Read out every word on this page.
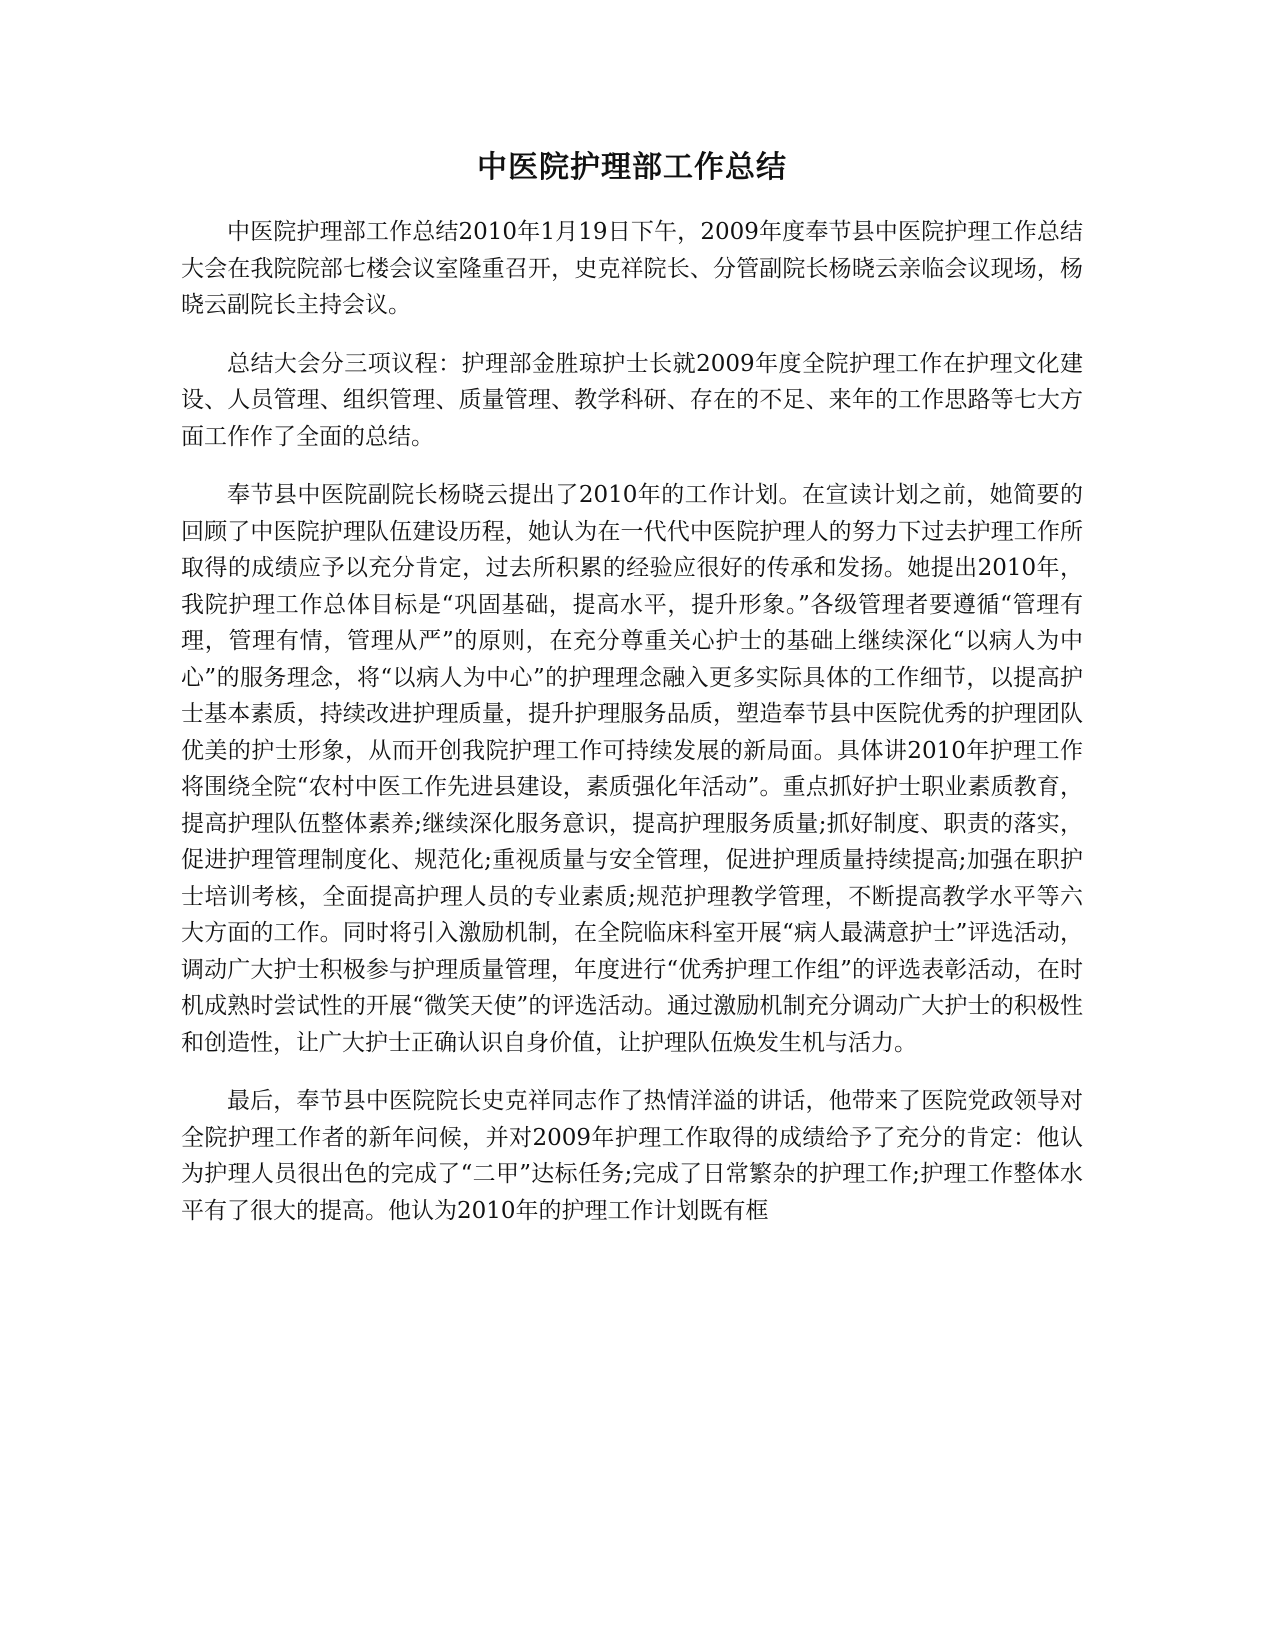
中医院护理部工作总结

中医院护理部工作总结2010年1月19日下午，2009年度奉节县中医院护理工作总结大会在我院院部七楼会议室隆重召开，史克祥院长、分管副院长杨晓云亲临会议现场，杨晓云副院长主持会议。

总结大会分三项议程：护理部金胜琼护士长就2009年度全院护理工作在护理文化建设、人员管理、组织管理、质量管理、教学科研、存在的不足、来年的工作思路等七大方面工作作了全面的总结。

奉节县中医院副院长杨晓云提出了2010年的工作计划。在宣读计划之前，她简要的回顾了中医院护理队伍建设历程，她认为在一代代中医院护理人的努力下过去护理工作所取得的成绩应予以充分肯定，过去所积累的经验应很好的传承和发扬。她提出2010年，我院护理工作总体目标是“巩固基础，提高水平，提升形象。”各级管理者要遵循“管理有理，管理有情，管理从严”的原则，在充分尊重关心护士的基础上继续深化“以病人为中心”的服务理念，将“以病人为中心”的护理理念融入更多实际具体的工作细节，以提高护士基本素质，持续改进护理质量，提升护理服务品质，塑造奉节县中医院优秀的护理团队优美的护士形象，从而开创我院护理工作可持续发展的新局面。具体讲2010年护理工作将围绕全院“农村中医工作先进县建设，素质强化年活动”。重点抓好护士职业素质教育，提高护理队伍整体素养;继续深化服务意识，提高护理服务质量;抓好制度、职责的落实，促进护理管理制度化、规范化;重视质量与安全管理，促进护理质量持续提高;加强在职护士培训考核，全面提高护理人员的专业素质;规范护理教学管理，不断提高教学水平等六大方面的工作。同时将引入激励机制，在全院临床科室开展“病人最满意护士”评选活动，调动广大护士积极参与护理质量管理，年度进行“优秀护理工作组”的评选表彰活动，在时机成熟时尝试性的开展“微笑天使”的评选活动。通过激励机制充分调动广大护士的积极性和创造性，让广大护士正确认识自身价值，让护理队伍焕发生机与活力。

最后，奉节县中医院院长史克祥同志作了热情洋溢的讲话，他带来了医院党政领导对全院护理工作者的新年问候，并对2009年护理工作取得的成绩给予了充分的肯定：他认为护理人员很出色的完成了“二甲”达标任务;完成了日常繁杂的护理工作;护理工作整体水平有了很大的提高。他认为2010年的护理工作计划既有框
